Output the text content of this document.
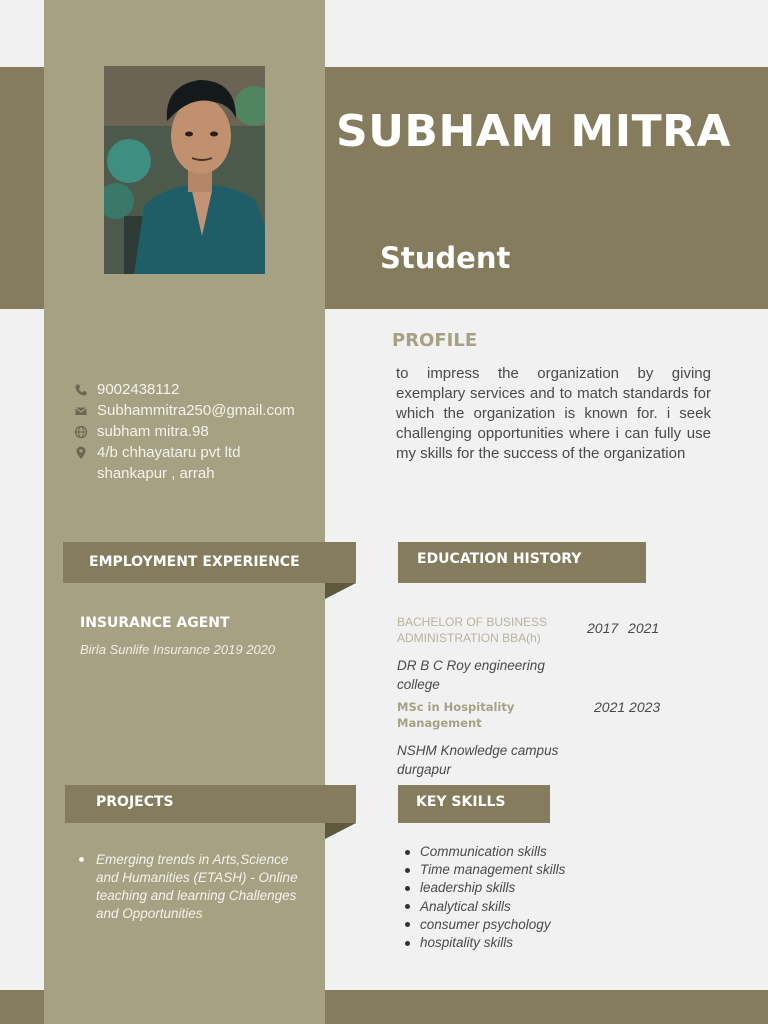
SUBHAM MITRA
Student
9002438112
Subhammitra250@gmail.com
subham mitra.98
4/b chhayataru pvt ltd
shankapur , arrah
PROFILE
to impress the organization by giving exemplary services and to match standards for which the organization is known for. i seek challenging opportunities where i can fully use my skills for the success of the organization
EMPLOYMENT EXPERIENCE
INSURANCE AGENT
Birla Sunlife Insurance 2019 2020
PROJECTS
Emerging trends in Arts,Science and Humanities (ETASH) - Online teaching and learning Challenges and Opportunities
EDUCATION HISTORY
BACHELOR OF BUSINESS ADMINISTRATION BBA(h)
2017 2021
DR B C Roy engineering college
MSc in Hospitality Management
2021 2023
NSHM Knowledge campus durgapur
KEY SKILLS
Communication skills
Time management skills
leadership skills
Analytical skills
consumer psychology
hospitality skills
